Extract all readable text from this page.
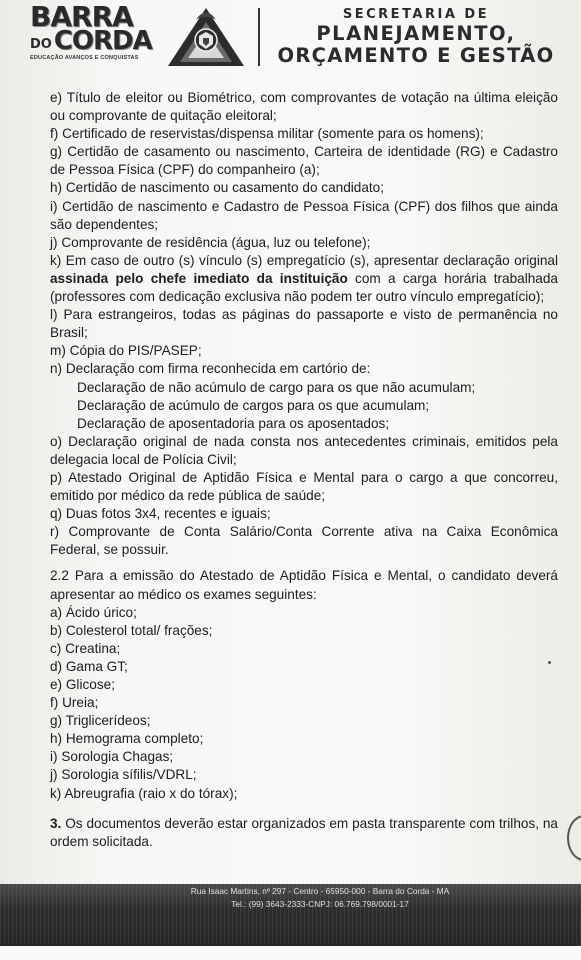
BARRA
DO CORDA
EDUCAÇÃO AVANÇOS E CONQUISTAS
SECRETARIA DE
PLANEJAMENTO,
ORÇAMENTO E GESTÃO

e) Título de eleitor ou Biométrico, com comprovantes de votação na última eleição ou comprovante de quitação eleitoral;

f) Certificado de reservistas/dispensa militar (somente para os homens);

g) Certidão de casamento ou nascimento, Carteira de identidade (RG) e Cadastro de Pessoa Física (CPF) do companheiro (a);

h) Certidão de nascimento ou casamento do candidato;

i) Certidão de nascimento e Cadastro de Pessoa Física (CPF) dos filhos que ainda são dependentes;

j) Comprovante de residência (água, luz ou telefone);

k) Em caso de outro (s) vínculo (s) empregatício (s), apresentar declaração original assinada pelo chefe imediato da instituição com a carga horária trabalhada (professores com dedicação exclusiva não podem ter outro vínculo empregatício);

l) Para estrangeiros, todas as páginas do passaporte e visto de permanência no Brasil;

m) Cópia do PIS/PASEP;

n) Declaração com firma reconhecida em cartório de:

Declaração de não acúmulo de cargo para os que não acumulam;

Declaração de acúmulo de cargos para os que acumulam;

Declaração de aposentadoria para os aposentados;

o) Declaração original de nada consta nos antecedentes criminais, emitidos pela delegacia local de Polícia Civil;

p) Atestado Original de Aptidão Física e Mental para o cargo a que concorreu, emitido por médico da rede pública de saúde;

q) Duas fotos 3x4, recentes e iguais;

r) Comprovante de Conta Salário/Conta Corrente ativa na Caixa Econômica Federal, se possuir.

2.2 Para a emissão do Atestado de Aptidão Física e Mental, o candidato deverá apresentar ao médico os exames seguintes:

a) Ácido úrico;

b) Colesterol total/ frações;

c) Creatina;

d) Gama GT;

e) Glicose;

f) Ureia;

g) Triglicerídeos;

h) Hemograma completo;

i) Sorologia Chagas;

j) Sorologia sífilis/VDRL;

k) Abreugrafia (raio x do tórax);

3. Os documentos deverão estar organizados em pasta transparente com trilhos, na ordem solicitada.

Rua Isaac Martins, nº 297 - Centro - 65950-000 - Barra do Corda - MA
Tel.: (99) 3643-2333-CNPJ: 06.769.798/0001-17
